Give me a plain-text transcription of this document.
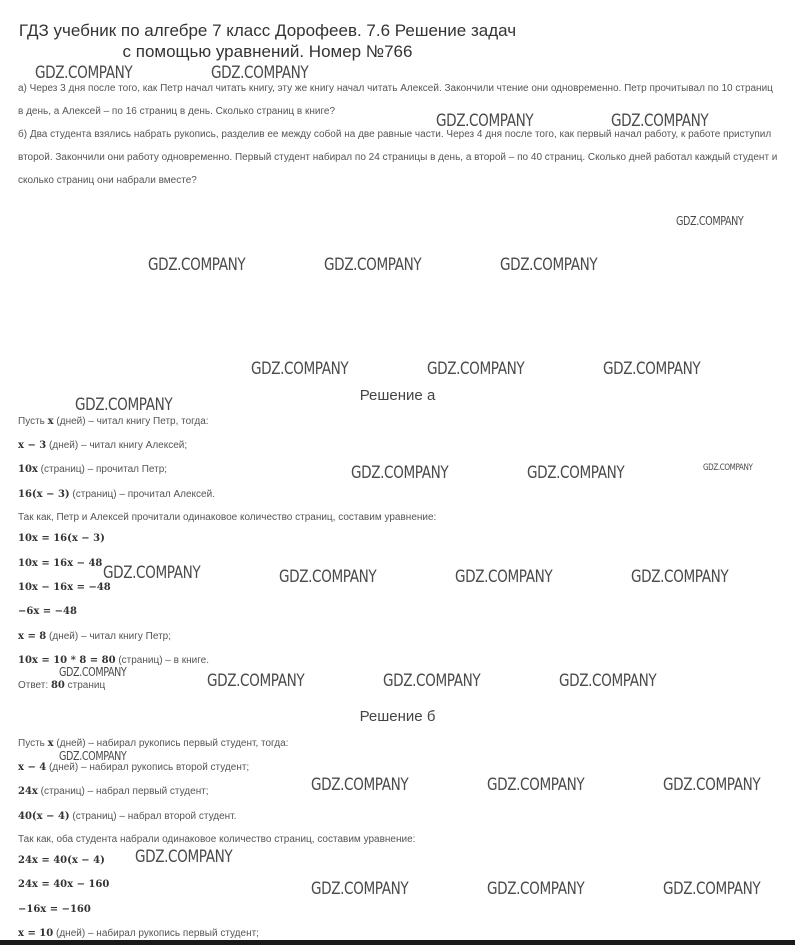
ГДЗ учебник по алгебре 7 класс Дорофеев. 7.6 Решение задач
с помощью уравнений. Номер №766
а) Через 3 дня после того, как Петр начал читать книгу, эту же книгу начал читать Алексей. Закончили чтение они одновременно. Петр прочитывал по 10 страниц в день, а Алексей – по 16 страниц в день. Сколько страниц в книге?
б) Два студента взялись набрать рукопись, разделив ее между собой на две равные части. Через 4 дня после того, как первый начал работу, к работе приступил второй. Закончили они работу одновременно. Первый студент набирал по 24 страницы в день, а второй – по 40 страниц. Сколько дней работал каждый студент и сколько страниц они набрали вместе?
Решение а
Пусть x (дней) – читал книгу Петр, тогда:
x − 3 (дней) – читал книгу Алексей;
10x (страниц) – прочитал Петр;
16(x − 3) (страниц) – прочитал Алексей.
Так как, Петр и Алексей прочитали одинаковое количество страниц, составим уравнение:
10x = 16(x − 3)
10x = 16x − 48
10x − 16x = −48
−6x = −48
x = 8 (дней) – читал книгу Петр;
10x = 10 * 8 = 80 (страниц) – в книге.
Ответ: 80 страниц
Решение б
Пусть x (дней) – набирал рукопись первый студент, тогда:
x − 4 (дней) – набирал рукопись второй студент;
24x (страниц) – набрал первый студент;
40(x − 4) (страниц) – набрал второй студент.
Так как, оба студента набрали одинаковое количество страниц, составим уравнение:
24x = 40(x − 4)
24x = 40x − 160
−16x = −160
x = 10 (дней) – набирал рукопись первый студент;
GDZ.COMPANY	GDZ.COMPANY
GDZ.COMPANY	GDZ.COMPANY
GDZ.COMPANY
GDZ.COMPANY	GDZ.COMPANY	GDZ.COMPANY
GDZ.COMPANY	GDZ.COMPANY	GDZ.COMPANY
GDZ.COMPANY
GDZ.COMPANY	GDZ.COMPANY	GDZ.COMPANY
GDZ.COMPANY	GDZ.COMPANY	GDZ.COMPANY	GDZ.COMPANY
GDZ.COMPANY	GDZ.COMPANY	GDZ.COMPANY	GDZ.COMPANY
GDZ.COMPANY
GDZ.COMPANY	GDZ.COMPANY	GDZ.COMPANY
GDZ.COMPANY
GDZ.COMPANY	GDZ.COMPANY	GDZ.COMPANY
